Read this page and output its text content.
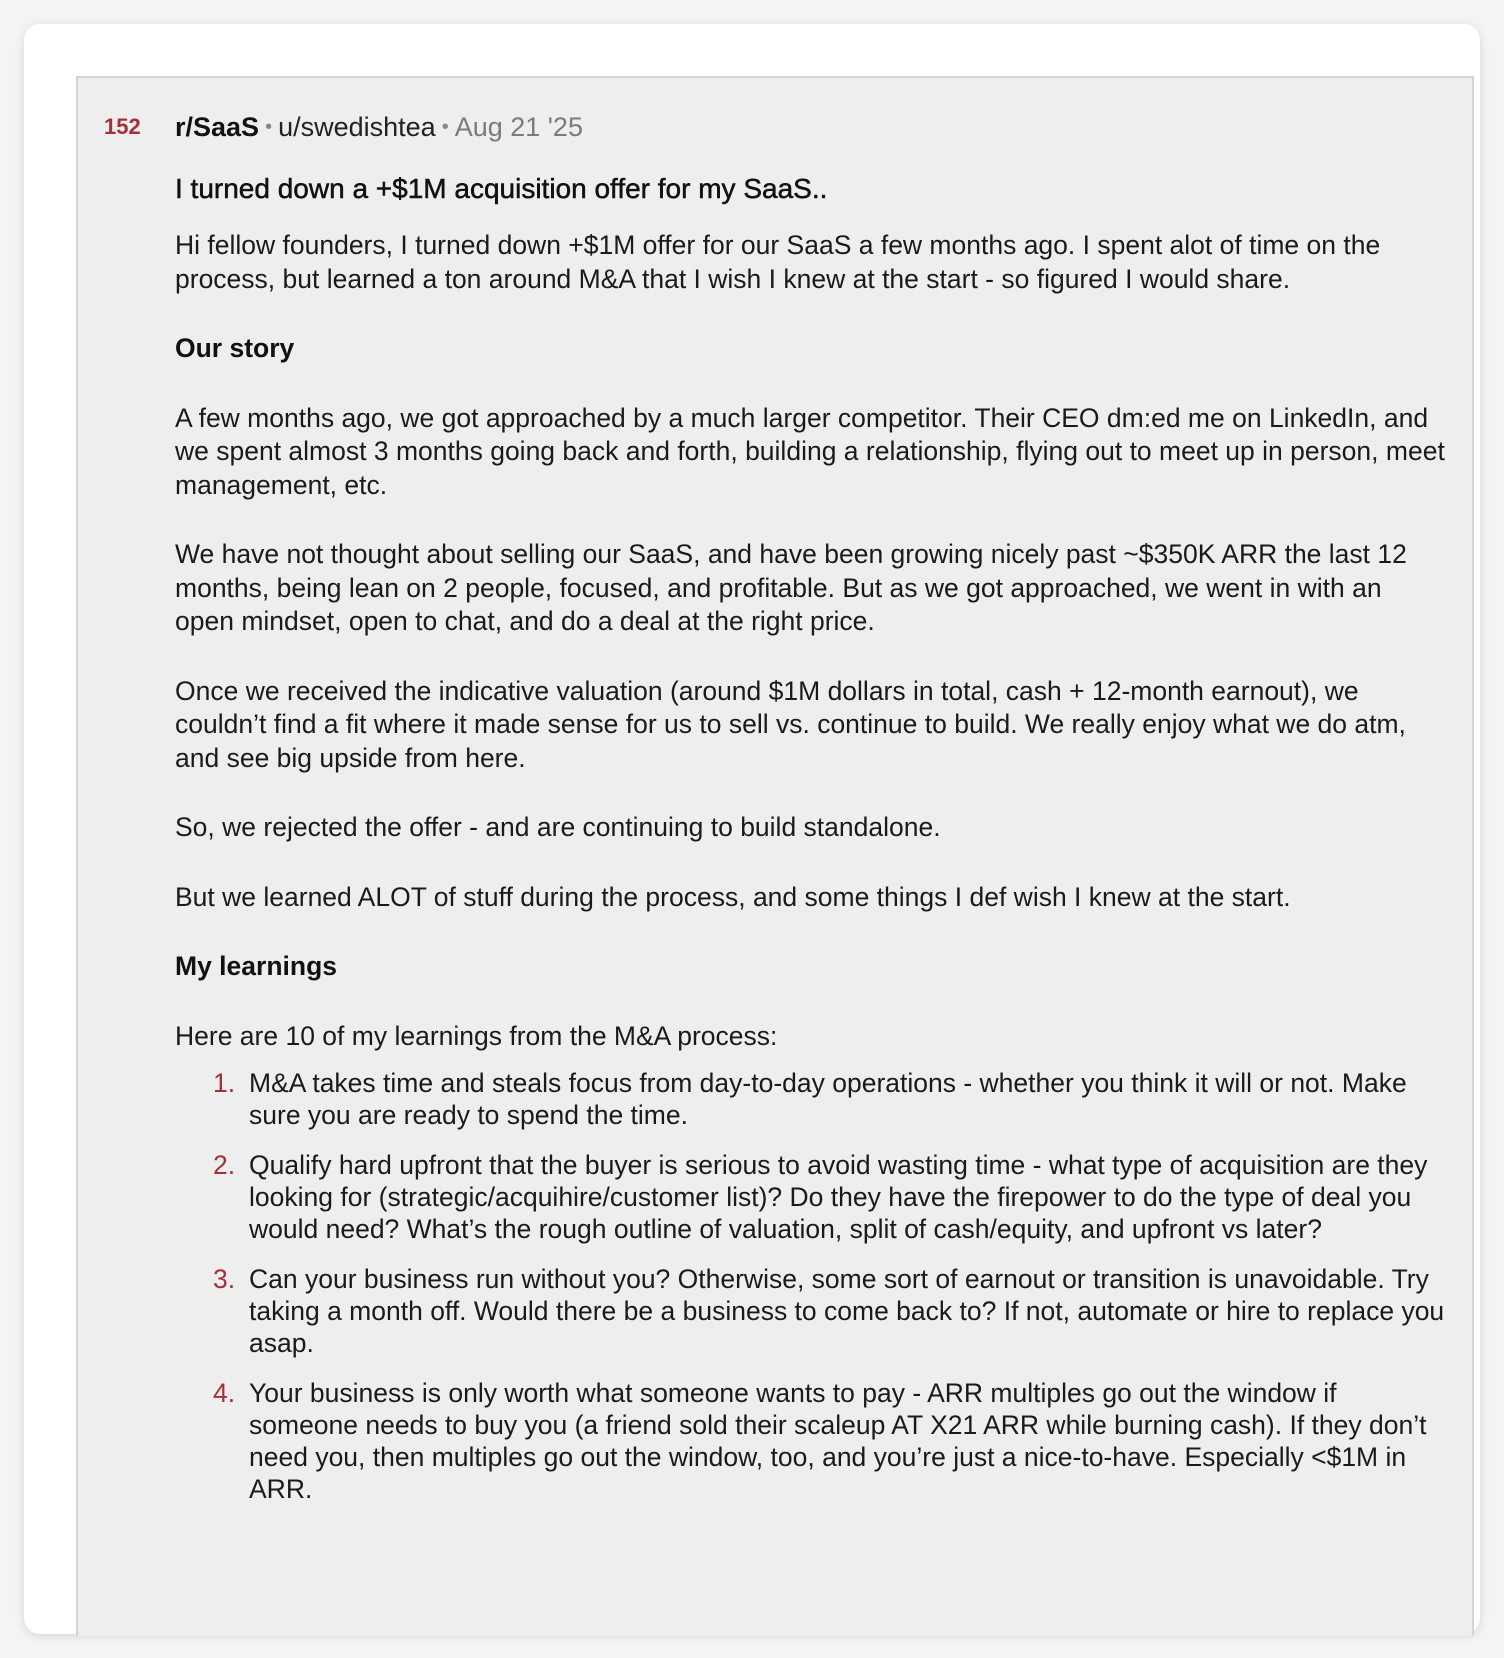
152 r/SaaS • u/swedishtea • Aug 21 '25
I turned down a +$1M acquisition offer for my SaaS..

Hi fellow founders, I turned down +$1M offer for our SaaS a few months ago. I spent alot of time on the process, but learned a ton around M&A that I wish I knew at the start - so figured I would share.

Our story

A few months ago, we got approached by a much larger competitor. Their CEO dm:ed me on LinkedIn, and we spent almost 3 months going back and forth, building a relationship, flying out to meet up in person, meet management, etc.

We have not thought about selling our SaaS, and have been growing nicely past ~$350K ARR the last 12 months, being lean on 2 people, focused, and profitable. But as we got approached, we went in with an open mindset, open to chat, and do a deal at the right price.

Once we received the indicative valuation (around $1M dollars in total, cash + 12-month earnout), we couldn’t find a fit where it made sense for us to sell vs. continue to build. We really enjoy what we do atm, and see big upside from here.

So, we rejected the offer - and are continuing to build standalone.

But we learned ALOT of stuff during the process, and some things I def wish I knew at the start.

My learnings

Here are 10 of my learnings from the M&A process:

1. M&A takes time and steals focus from day-to-day operations - whether you think it will or not. Make sure you are ready to spend the time.
2. Qualify hard upfront that the buyer is serious to avoid wasting time - what type of acquisition are they looking for (strategic/acquihire/customer list)? Do they have the firepower to do the type of deal you would need? What’s the rough outline of valuation, split of cash/equity, and upfront vs later?
3. Can your business run without you? Otherwise, some sort of earnout or transition is unavoidable. Try taking a month off. Would there be a business to come back to? If not, automate or hire to replace you asap.
4. Your business is only worth what someone wants to pay - ARR multiples go out the window if someone needs to buy you (a friend sold their scaleup AT X21 ARR while burning cash). If they don’t need you, then multiples go out the window, too, and you’re just a nice-to-have. Especially <$1M in ARR.
